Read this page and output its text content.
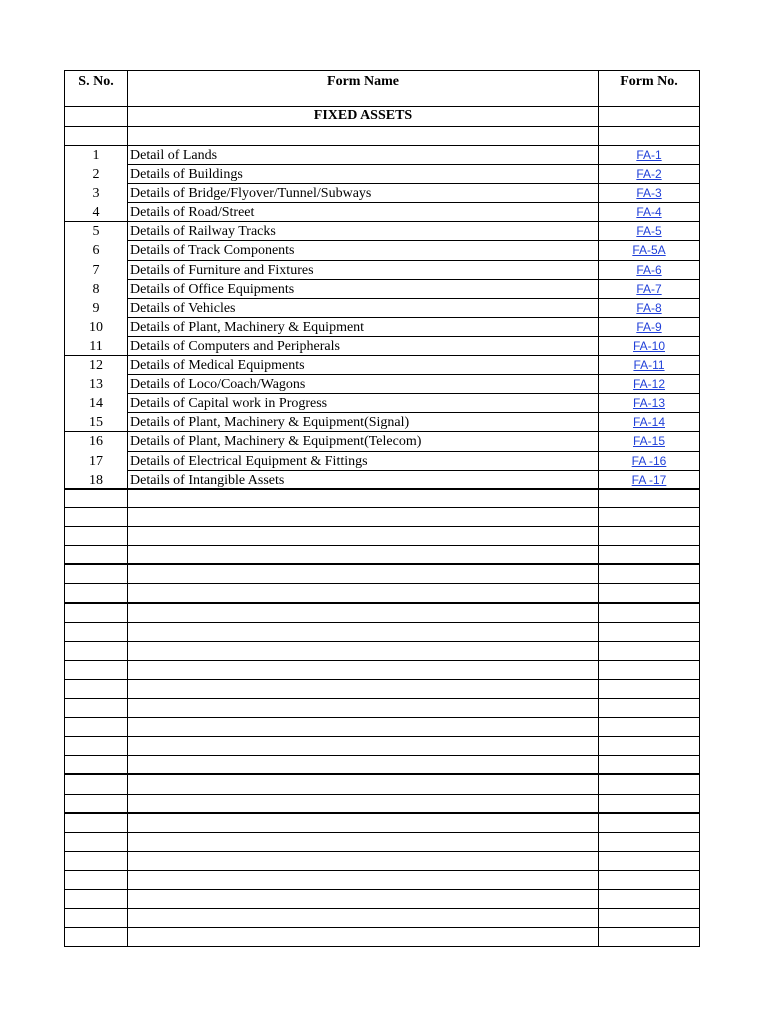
S. No.	Form Name	Form No.
FIXED ASSETS
1	Detail of Lands	FA-1
2	Details of Buildings	FA-2
3	Details of Bridge/Flyover/Tunnel/Subways	FA-3
4	Details of Road/Street	FA-4
5	Details of Railway Tracks	FA-5
6	Details of Track Components	FA-5A
7	Details of Furniture and Fixtures	FA-6
8	Details of Office Equipments	FA-7
9	Details of Vehicles	FA-8
10	Details of Plant, Machinery & Equipment	FA-9
11	Details of Computers and Peripherals	FA-10
12	Details of Medical Equipments	FA-11
13	Details of Loco/Coach/Wagons	FA-12
14	Details of Capital work in Progress	FA-13
15	Details of Plant, Machinery & Equipment(Signal)	FA-14
16	Details of Plant, Machinery & Equipment(Telecom)	FA-15
17	Details of Electrical Equipment & Fittings	FA -16
18	Details of Intangible Assets	FA -17
